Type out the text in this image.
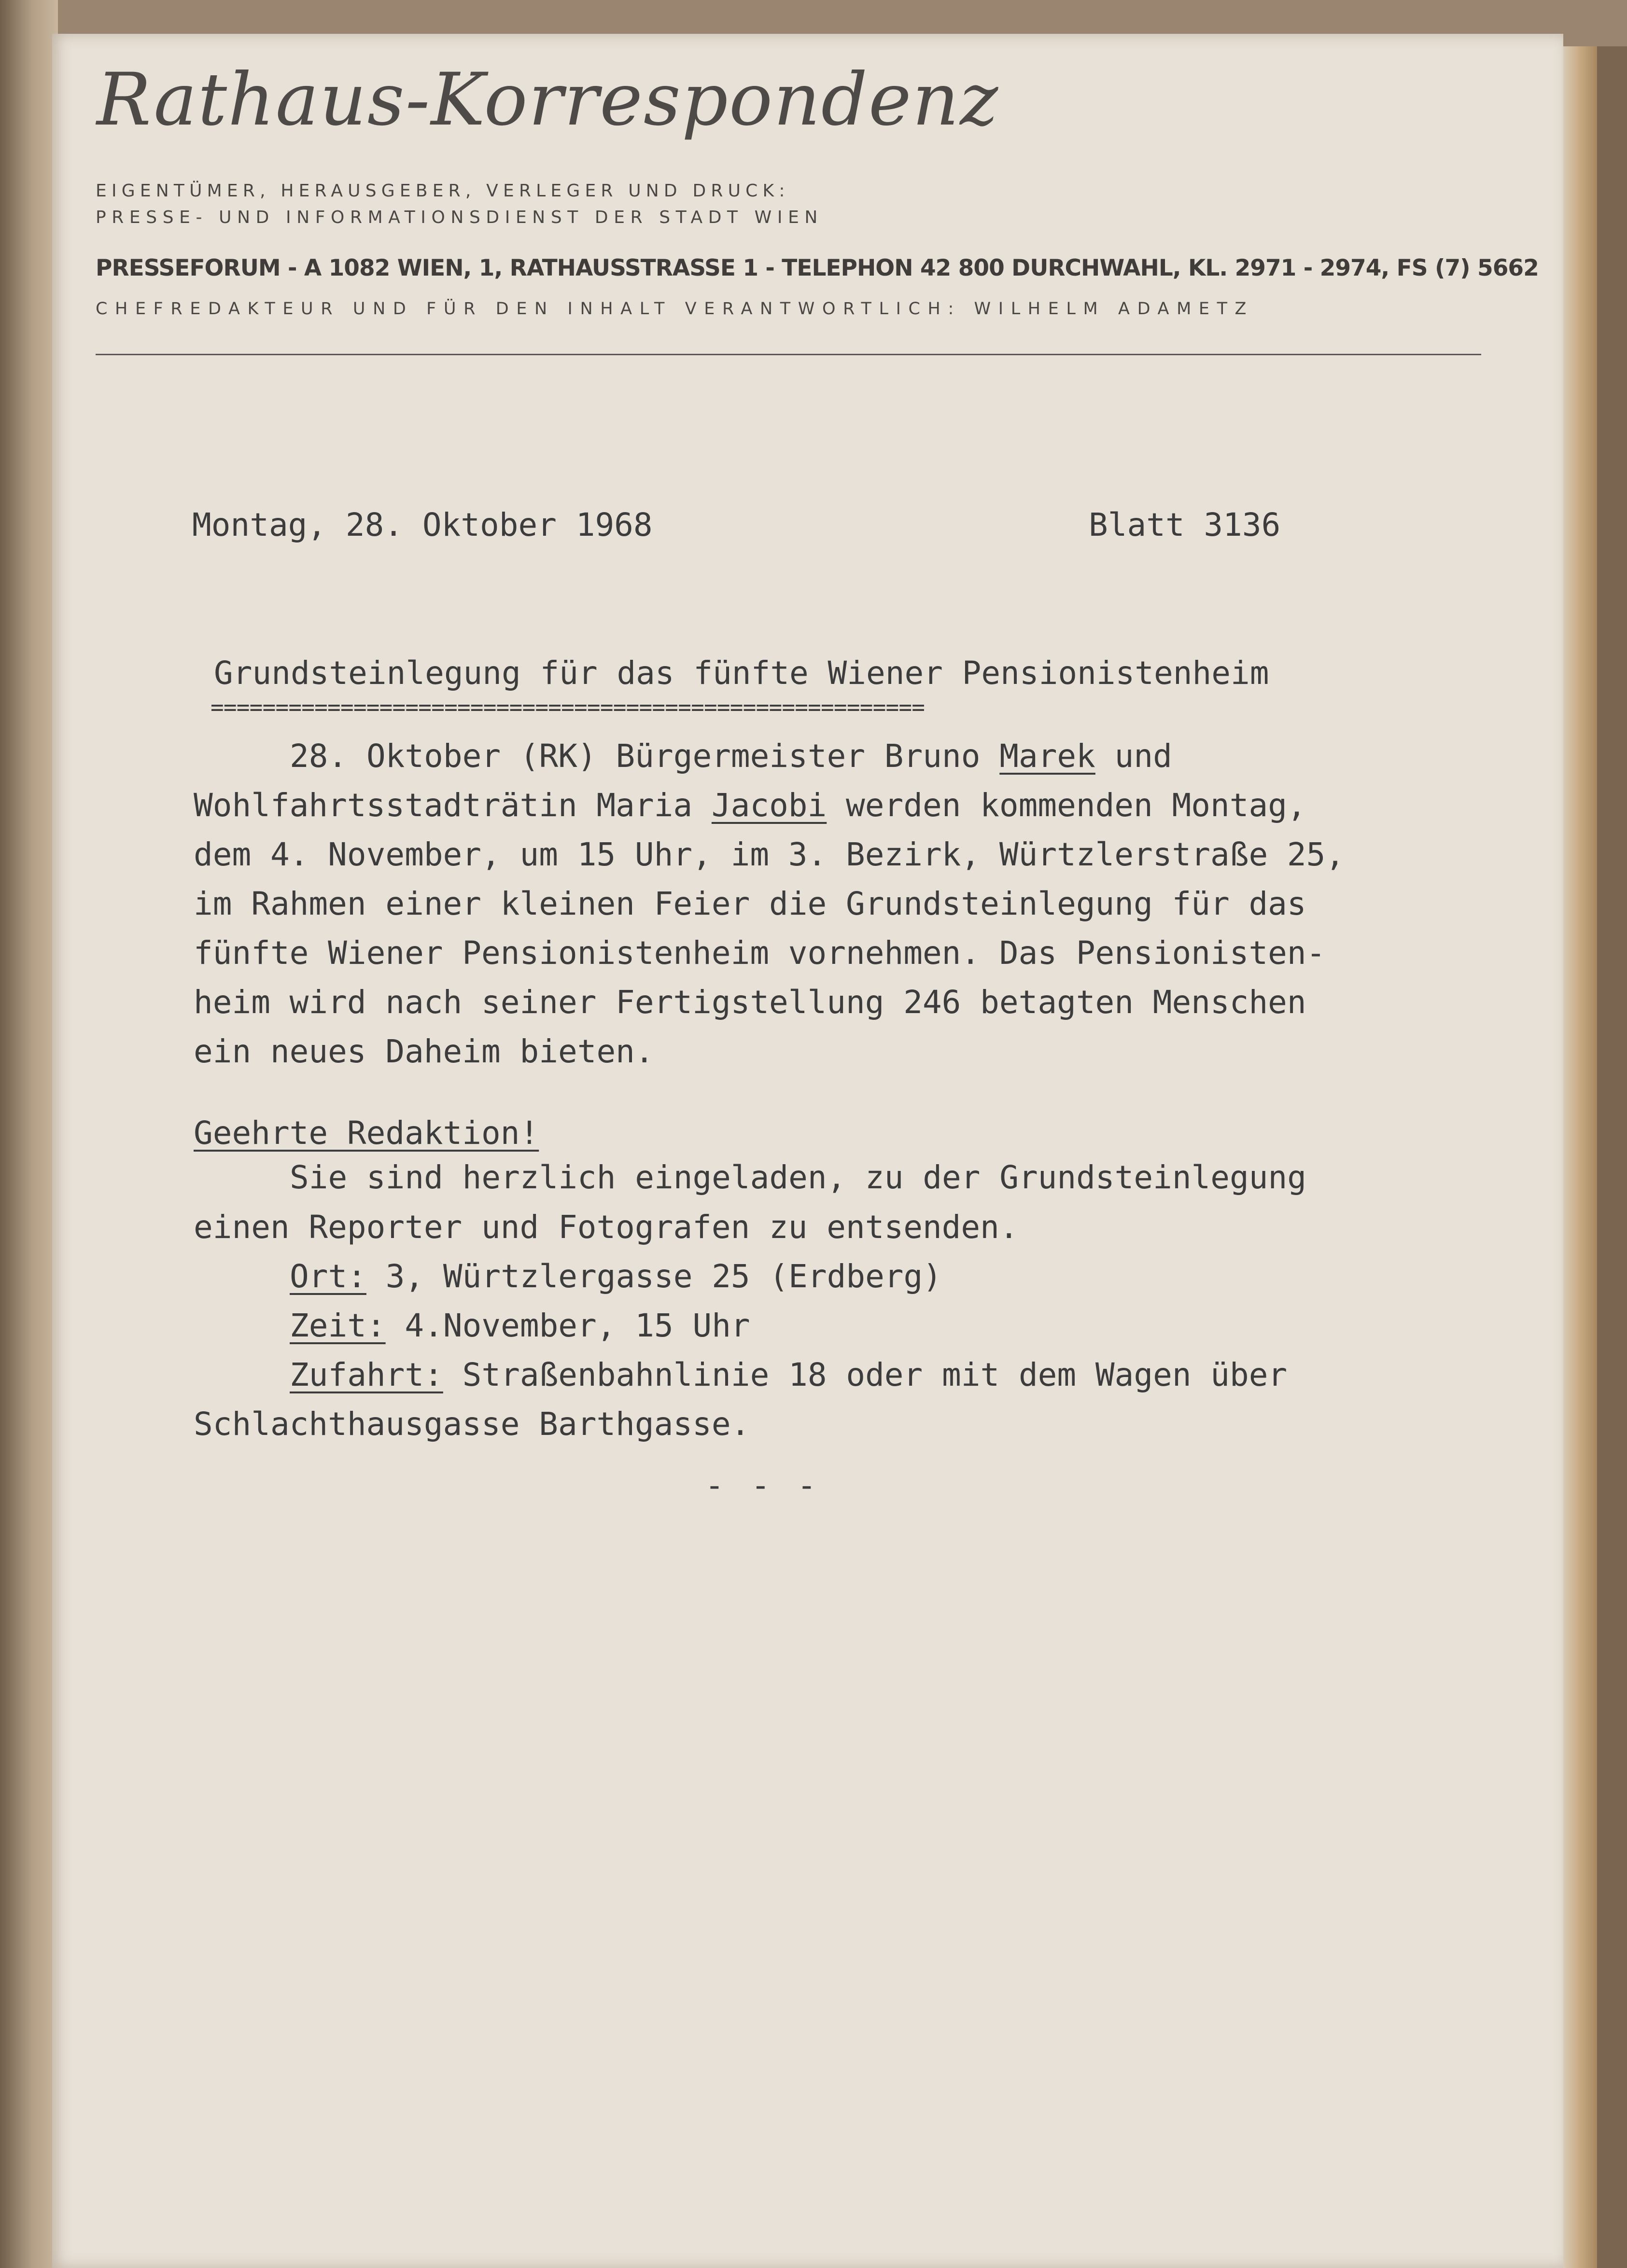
Rathaus-Korrespondenz
EIGENTÜMER, HERAUSGEBER, VERLEGER UND DRUCK:
PRESSE- UND INFORMATIONSDIENST DER STADT WIEN
PRESSEFORUM - A 1082 WIEN, 1, RATHAUSSTRASSE 1 - TELEPHON 42 800 DURCHWAHL, KL. 2971 - 2974, FS (7) 5662
CHEFREDAKTEUR UND FÜR DEN INHALT VERANTWORTLICH: WILHELM ADAMETZ
Montag, 28. Oktober 1968	Blatt 3136
Grundsteinlegung für das fünfte Wiener Pensionistenheim
=======================================================
28. Oktober (RK) Bürgermeister Bruno Marek und
Wohlfahrtsstadträtin Maria Jacobi werden kommenden Montag,
dem 4. November, um 15 Uhr, im 3. Bezirk, Würtzlerstraße 25,
im Rahmen einer kleinen Feier die Grundsteinlegung für das
fünfte Wiener Pensionistenheim vornehmen. Das Pensionisten-
heim wird nach seiner Fertigstellung 246 betagten Menschen
ein neues Daheim bieten.
Geehrte Redaktion!
Sie sind herzlich eingeladen, zu der Grundsteinlegung
einen Reporter und Fotografen zu entsenden.
Ort: 3, Würtzlergasse 25 (Erdberg)
Zeit: 4.November, 15 Uhr
Zufahrt: Straßenbahnlinie 18 oder mit dem Wagen über
Schlachthausgasse Barthgasse.
- - -
